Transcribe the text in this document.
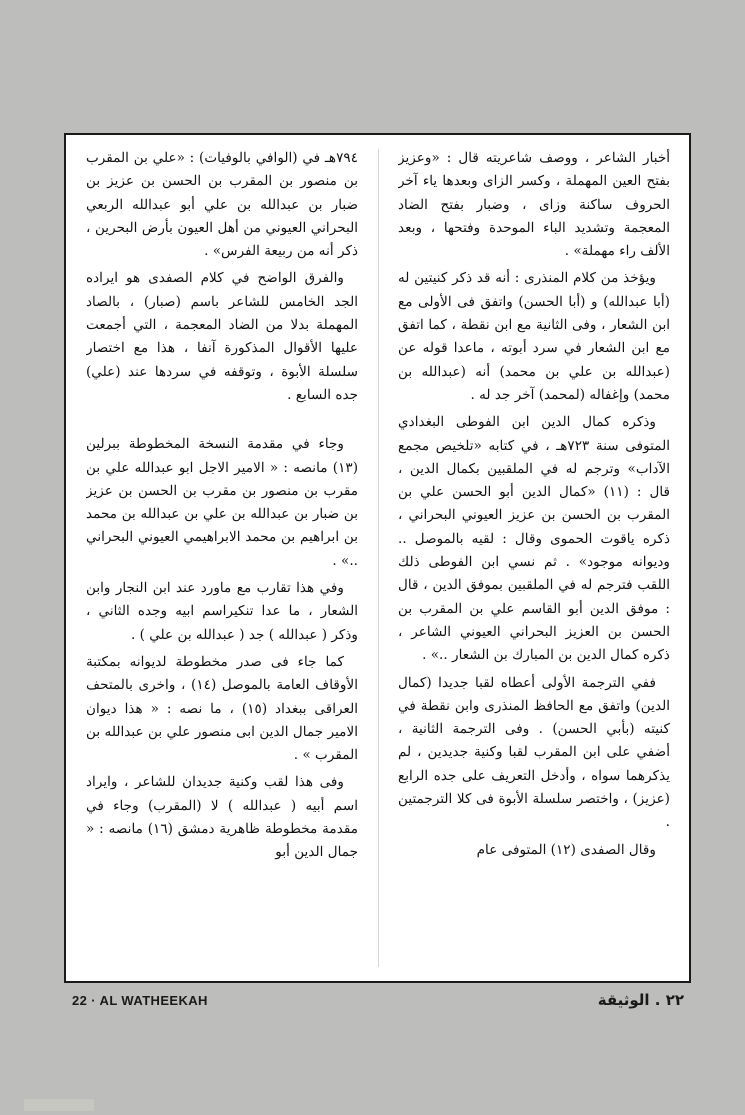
أخبار الشاعر ، ووصف شاعريته قال : «وعزيز بفتح العين المهملة ، وكسر الزاى وبعدها ياء آخر الحروف ساكنة وزاى ، وضبار بفتح الضاد المعجمة وتشديد الباء الموحدة وفتحها ، وبعد الألف راء مهملة» .

ويؤخذ من كلام المنذرى : أنه قد ذكر كنيتين له (أبا عبدالله) و (أبا الحسن) واتفق فى الأولى مع ابن الشعار ، وفى الثانية مع ابن نقطة ، كما اتفق مع ابن الشعار في سرد أبوته ، ماعدا قوله عن (عبدالله بن علي بن محمد) أنه (عبدالله بن محمد) وإغفاله (لمحمد) آخر جد له .

وذكره كمال الدين ابن الفوطى البغدادي المتوفى سنة ٧٢٣هـ ، في كتابه «تلخيص مجمع الآداب» وترجم له في الملقبين بكمال الدين ، قال : (١١) «كمال الدين أبو الحسن علي بن المقرب بن الحسن بن عزيز العيوني البحراني ، ذكره ياقوت الحموى وقال : لقيه بالموصل .. وديوانه موجود» . ثم نسي ابن الفوطى ذلك اللقب فترجم له في الملقبين بموفق الدين ، قال : موفق الدين أبو القاسم علي بن المقرب بن الحسن بن العزيز البحراني العيوني الشاعر ، ذكره كمال الدين بن المبارك بن الشعار ..» .

ففي الترجمة الأولى أعطاه لقبا جديدا (كمال الدين) واتفق مع الحافظ المنذرى وابن نقطة في كنيته (بأبي الحسن) . وفى الترجمة الثانية ، أضفي على ابن المقرب لقبا وكنية جديدين ، لم يذكرهما سواه ، وأدخل التعريف على جده الرابع (عزيز) ، واختصر سلسلة الأبوة فى كلا الترجمتين .

وقال الصفدى (١٢) المتوفى عام

٧٩٤هـ في (الوافي بالوفيات) : «علي بن المقرب بن منصور بن المقرب بن الحسن بن عزيز بن ضبار بن عبدالله بن علي أبو عبدالله الربعي البحراني العيوني من أهل العيون بأرض البحرين ، ذكر أنه من ربيعة الفرس» .

والفرق الواضح في كلام الصفدى هو ايراده الجد الخامس للشاعر باسم (صبار) ، بالصاد المهملة بدلا من الضاد المعجمة ، التي أجمعت عليها الأقوال المذكورة آنفا ، هذا مع اختصار سلسلة الأبوة ، وتوقفه في سردها عند (علي) جده السابع .

وجاء في مقدمة النسخة المخطوطة ببرلين (١٣) مانصه : « الامير الاجل ابو عبدالله علي بن مقرب بن منصور بن مقرب بن الحسن بن عزيز بن ضبار بن عبدالله بن علي بن عبدالله بن محمد بن ابراهيم بن محمد الابراهيمي العيوني البحراني ..» .

وفي هذا تقارب مع ماورد عند ابن النجار وابن الشعار ، ما عدا تنكيراسم ابيه وجده الثاني ، وذكر ( عبدالله ) جد ( عبدالله بن علي ) .

كما جاء فى صدر مخطوطة لديوانه بمكتبة الأوقاف العامة بالموصل (١٤) ، واخرى بالمتحف العراقى ببغداد (١٥) ، ما نصه : « هذا ديوان الامير جمال الدين ابى منصور علي بن عبدالله بن المقرب » .

وفى هذا لقب وكنية جديدان للشاعر ، وايراد اسم أبيه ( عبدالله ) لا (المقرب) وجاء في مقدمة مخطوطة ظاهرية دمشق (١٦) مانصه : « جمال الدين أبو

22 · AL WATHEEKAH	٢٢ . الوثيقة
